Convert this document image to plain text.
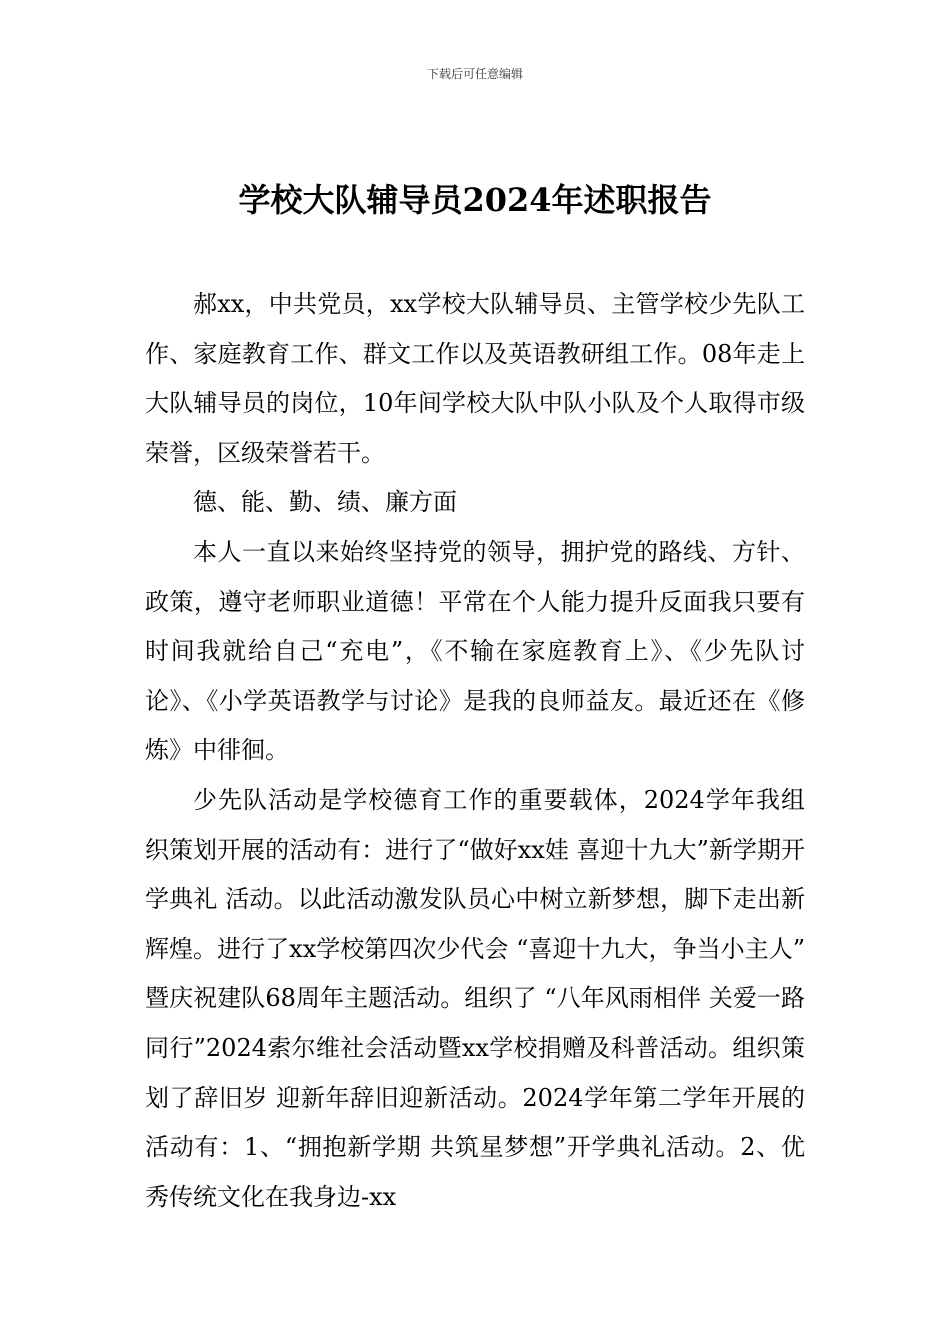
下载后可任意编辑
学校大队辅导员2024年述职报告

郝xx，中共党员，xx学校大队辅导员、主管学校少先队工作、家庭教育工作、群文工作以及英语教研组工作。08年走上大队辅导员的岗位，10年间学校大队中队小队及个人取得市级荣誉，区级荣誉若干。

德、能、勤、绩、廉方面

本人一直以来始终坚持党的领导，拥护党的路线、方针、政策，遵守老师职业道德！平常在个人能力提升反面我只要有时间我就给自己“充电”，《不输在家庭教育上》、《少先队讨论》、《小学英语教学与讨论》是我的良师益友。最近还在《修炼》中徘徊。

少先队活动是学校德育工作的重要载体，2024学年我组织策划开展的活动有：进行了“做好xx娃 喜迎十九大”新学期开学典礼 活动。以此活动激发队员心中树立新梦想，脚下走出新辉煌。进行了xx学校第四次少代会 “喜迎十九大，争当小主人” 暨庆祝建队68周年主题活动。组织了 “八年风雨相伴 关爱一路同行”2024索尔维社会活动暨xx学校捐赠及科普活动。组织策划了辞旧岁 迎新年辞旧迎新活动。2024学年第二学年开展的活动有：1、“拥抱新学期 共筑星梦想”开学典礼活动。2、优秀传统文化在我身边-xx
